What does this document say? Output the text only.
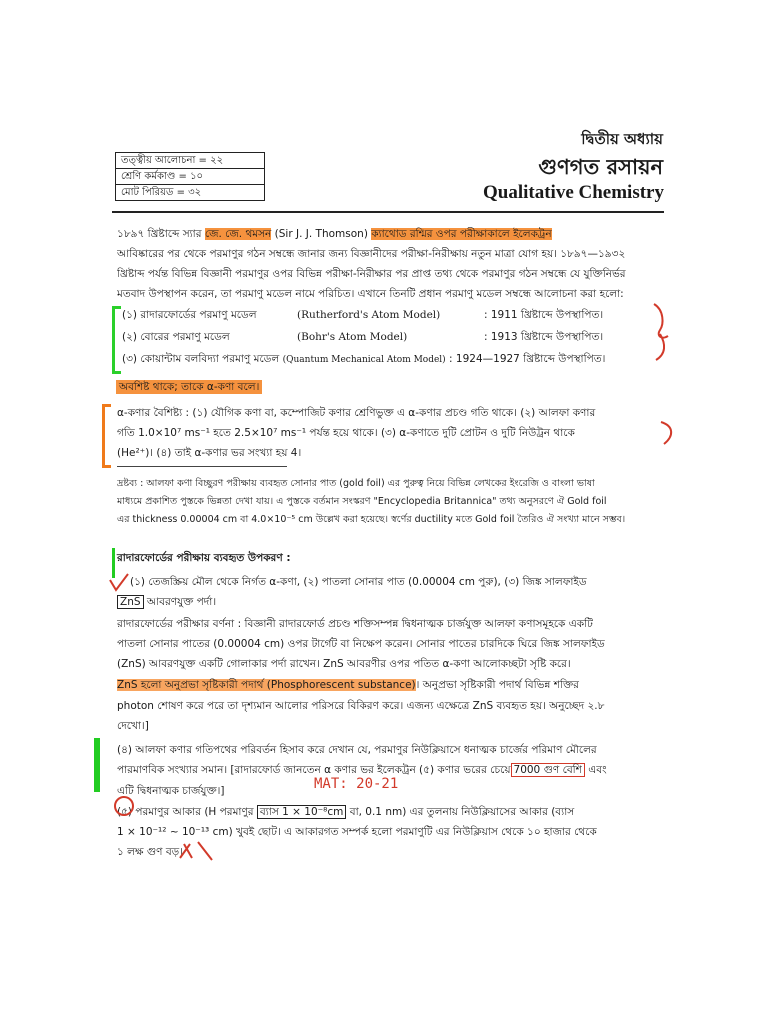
দ্বিতীয় অধ্যায়
গুণগত রসায়ন
Qualitative Chemistry
তত্ত্বীয় আলোচনা = ২২
শ্রেণি কর্মকাণ্ড = ১০
মোট পিরিয়ড = ৩২
১৮৯৭ খ্রিষ্টাব্দে স্যার জে. জে. থমসন (Sir J. J. Thomson) ক্যাথোড রশ্মির ওপর পরীক্ষাকালে ইলেকট্রন
আবিষ্কারের পর থেকে পরমাণুর গঠন সম্বন্ধে জানার জন্য বিজ্ঞানীদের পরীক্ষা-নিরীক্ষায় নতুন মাত্রা যোগ হয়। ১৮৯৭—১৯৩২
খ্রিষ্টাব্দ পর্যন্ত বিভিন্ন বিজ্ঞানী পরমাণুর ওপর বিভিন্ন পরীক্ষা-নিরীক্ষার পর প্রাপ্ত তথ্য থেকে পরমাণুর গঠন সম্বন্ধে যে যুক্তিনির্ভর
মতবাদ উপস্থাপন করেন, তা পরমাণু মডেল নামে পরিচিত। এখানে তিনটি প্রধান পরমাণু মডেল সম্বন্ধে আলোচনা করা হলো:
(১) রাদারফোর্ডের পরমাণু মডেল	(Rutherford's Atom Model)	: 1911 খ্রিষ্টাব্দে উপস্থাপিত।
(২) বোরের পরমাণু মডেল	(Bohr's Atom Model)	: 1913 খ্রিষ্টাব্দে উপস্থাপিত।
(৩) কোয়ান্টাম বলবিদ্যা পরমাণু মডেল (Quantum Mechanical Atom Model) : 1924—1927 খ্রিষ্টাব্দে উপস্থাপিত।
অবশিষ্ট থাকে; তাকে α-কণা বলে।
α-কণার বৈশিষ্ট্য : (১) যৌগিক কণা বা, কম্পোজিট কণার শ্রেণিভুক্ত এ α-কণার প্রচণ্ড গতি থাকে। (২) আলফা কণার
গতি 1.0×10⁷ ms⁻¹ হতে 2.5×10⁷ ms⁻¹ পর্যন্ত হয়ে থাকে। (৩) α-কণাতে দুটি প্রোটন ও দুটি নিউট্রন থাকে
(He²⁺)। (৪) তাই α-কণার ভর সংখ্যা হয় 4।
দ্রষ্টব্য : আলফা কণা বিচ্ছুরণ পরীক্ষায় ব্যবহৃত সোনার পাত (gold foil) এর পুরুত্ব নিয়ে বিভিন্ন লেখকের ইংরেজি ও বাংলা ভাষা
মাধ্যমে প্রকাশিত পুস্তকে ভিন্নতা দেখা যায়। এ পুস্তকে বর্তমান সংস্করণ "Encyclopedia Britannica" তথ্য অনুসরণে ঐ Gold foil
এর thickness 0.00004 cm বা 4.0×10⁻⁵ cm উল্লেখ করা হয়েছে। স্বর্ণের ductility মতে Gold foil তৈরিও ঐ সংখ্যা মানে সম্ভব।
রাদারফোর্ডের পরীক্ষায় ব্যবহৃত উপকরণ :
(১) তেজস্ক্রিয় মৌল থেকে নির্গত α-কণা, (২) পাতলা সোনার পাত (0.00004 cm পুরু), (৩) জিঙ্ক সালফাইড
ZnS আবরণযুক্ত পর্দা।
রাদারফোর্ডের পরীক্ষার বর্ণনা : বিজ্ঞানী রাদারফোর্ড প্রচণ্ড শক্তিসম্পন্ন দ্বিধনাত্মক চার্জযুক্ত আলফা কণাসমূহকে একটি
পাতলা সোনার পাতের (0.00004 cm) ওপর টার্গেট বা নিক্ষেপ করেন। সোনার পাতের চারদিকে ঘিরে জিঙ্ক সালফাইড
(ZnS) আবরণযুক্ত একটি গোলাকার পর্দা রাখেন। ZnS আবরণীর ওপর পতিত α-কণা আলোকচ্ছটা সৃষ্টি করে।
ZnS হলো অনুপ্রভা সৃষ্টিকারী পদার্থ (Phosphorescent substance)। অনুপ্রভা সৃষ্টিকারী পদার্থ বিভিন্ন শক্তির
photon শোষণ করে পরে তা দৃশ্যমান আলোর পরিসরে বিকিরণ করে। এজন্য এক্ষেত্রে ZnS ব্যবহৃত হয়। অনুচ্ছেদ ২.৮
দেখো।]
(৪) আলফা কণার গতিপথের পরিবর্তন হিসাব করে দেখান যে, পরমাণুর নিউক্লিয়াসে ধনাত্মক চার্জের পরিমাণ মৌলের
পারমাণবিক সংখ্যার সমান। [রাদারফোর্ড জানতেন α কণার ভর ইলেকট্রন (৫) কণার ভরের চেয়ে 7000 গুণ বেশি এবং
এটি দ্বিধনাত্মক চার্জযুক্ত।]	MAT: 20-21
(৫) পরমাণুর আকার (H পরমাণুর ব্যাস 1 × 10⁻⁸cm বা, 0.1 nm) এর তুলনায় নিউক্লিয়াসের আকার (ব্যাস
1 × 10⁻¹² ~ 10⁻¹³ cm) খুবই ছোট। এ আকারগত সম্পর্ক হলো পরমাণুটি এর নিউক্লিয়াস থেকে ১০ হাজার থেকে
১ লক্ষ গুণ বড়।
